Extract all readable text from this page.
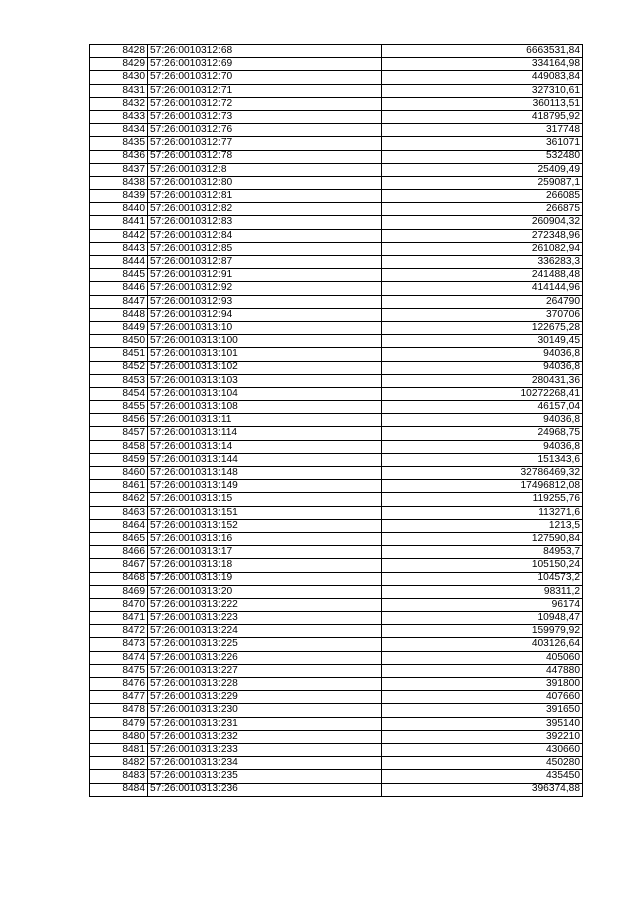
8428	57:26:0010312:68	6663531,84
8429	57:26:0010312:69	334164,98
8430	57:26:0010312:70	449083,84
8431	57:26:0010312:71	327310,61
8432	57:26:0010312:72	360113,51
8433	57:26:0010312:73	418795,92
8434	57:26:0010312:76	317748
8435	57:26:0010312:77	361071
8436	57:26:0010312:78	532480
8437	57:26:0010312:8	25409,49
8438	57:26:0010312:80	259087,1
8439	57:26:0010312:81	266085
8440	57:26:0010312:82	266875
8441	57:26:0010312:83	260904,32
8442	57:26:0010312:84	272348,96
8443	57:26:0010312:85	261082,94
8444	57:26:0010312:87	336283,3
8445	57:26:0010312:91	241488,48
8446	57:26:0010312:92	414144,96
8447	57:26:0010312:93	264790
8448	57:26:0010312:94	370706
8449	57:26:0010313:10	122675,28
8450	57:26:0010313:100	30149,45
8451	57:26:0010313:101	94036,8
8452	57:26:0010313:102	94036,8
8453	57:26:0010313:103	280431,36
8454	57:26:0010313:104	10272268,41
8455	57:26:0010313:108	46157,04
8456	57:26:0010313:11	94036,8
8457	57:26:0010313:114	24968,75
8458	57:26:0010313:14	94036,8
8459	57:26:0010313:144	151343,6
8460	57:26:0010313:148	32786469,32
8461	57:26:0010313:149	17496812,08
8462	57:26:0010313:15	119255,76
8463	57:26:0010313:151	113271,6
8464	57:26:0010313:152	1213,5
8465	57:26:0010313:16	127590,84
8466	57:26:0010313:17	84953,7
8467	57:26:0010313:18	105150,24
8468	57:26:0010313:19	104573,2
8469	57:26:0010313:20	98311,2
8470	57:26:0010313:222	96174
8471	57:26:0010313:223	10948,47
8472	57:26:0010313:224	159979,92
8473	57:26:0010313:225	403126,64
8474	57:26:0010313:226	405060
8475	57:26:0010313:227	447880
8476	57:26:0010313:228	391800
8477	57:26:0010313:229	407660
8478	57:26:0010313:230	391650
8479	57:26:0010313:231	395140
8480	57:26:0010313:232	392210
8481	57:26:0010313:233	430660
8482	57:26:0010313:234	450280
8483	57:26:0010313:235	435450
8484	57:26:0010313:236	396374,88
